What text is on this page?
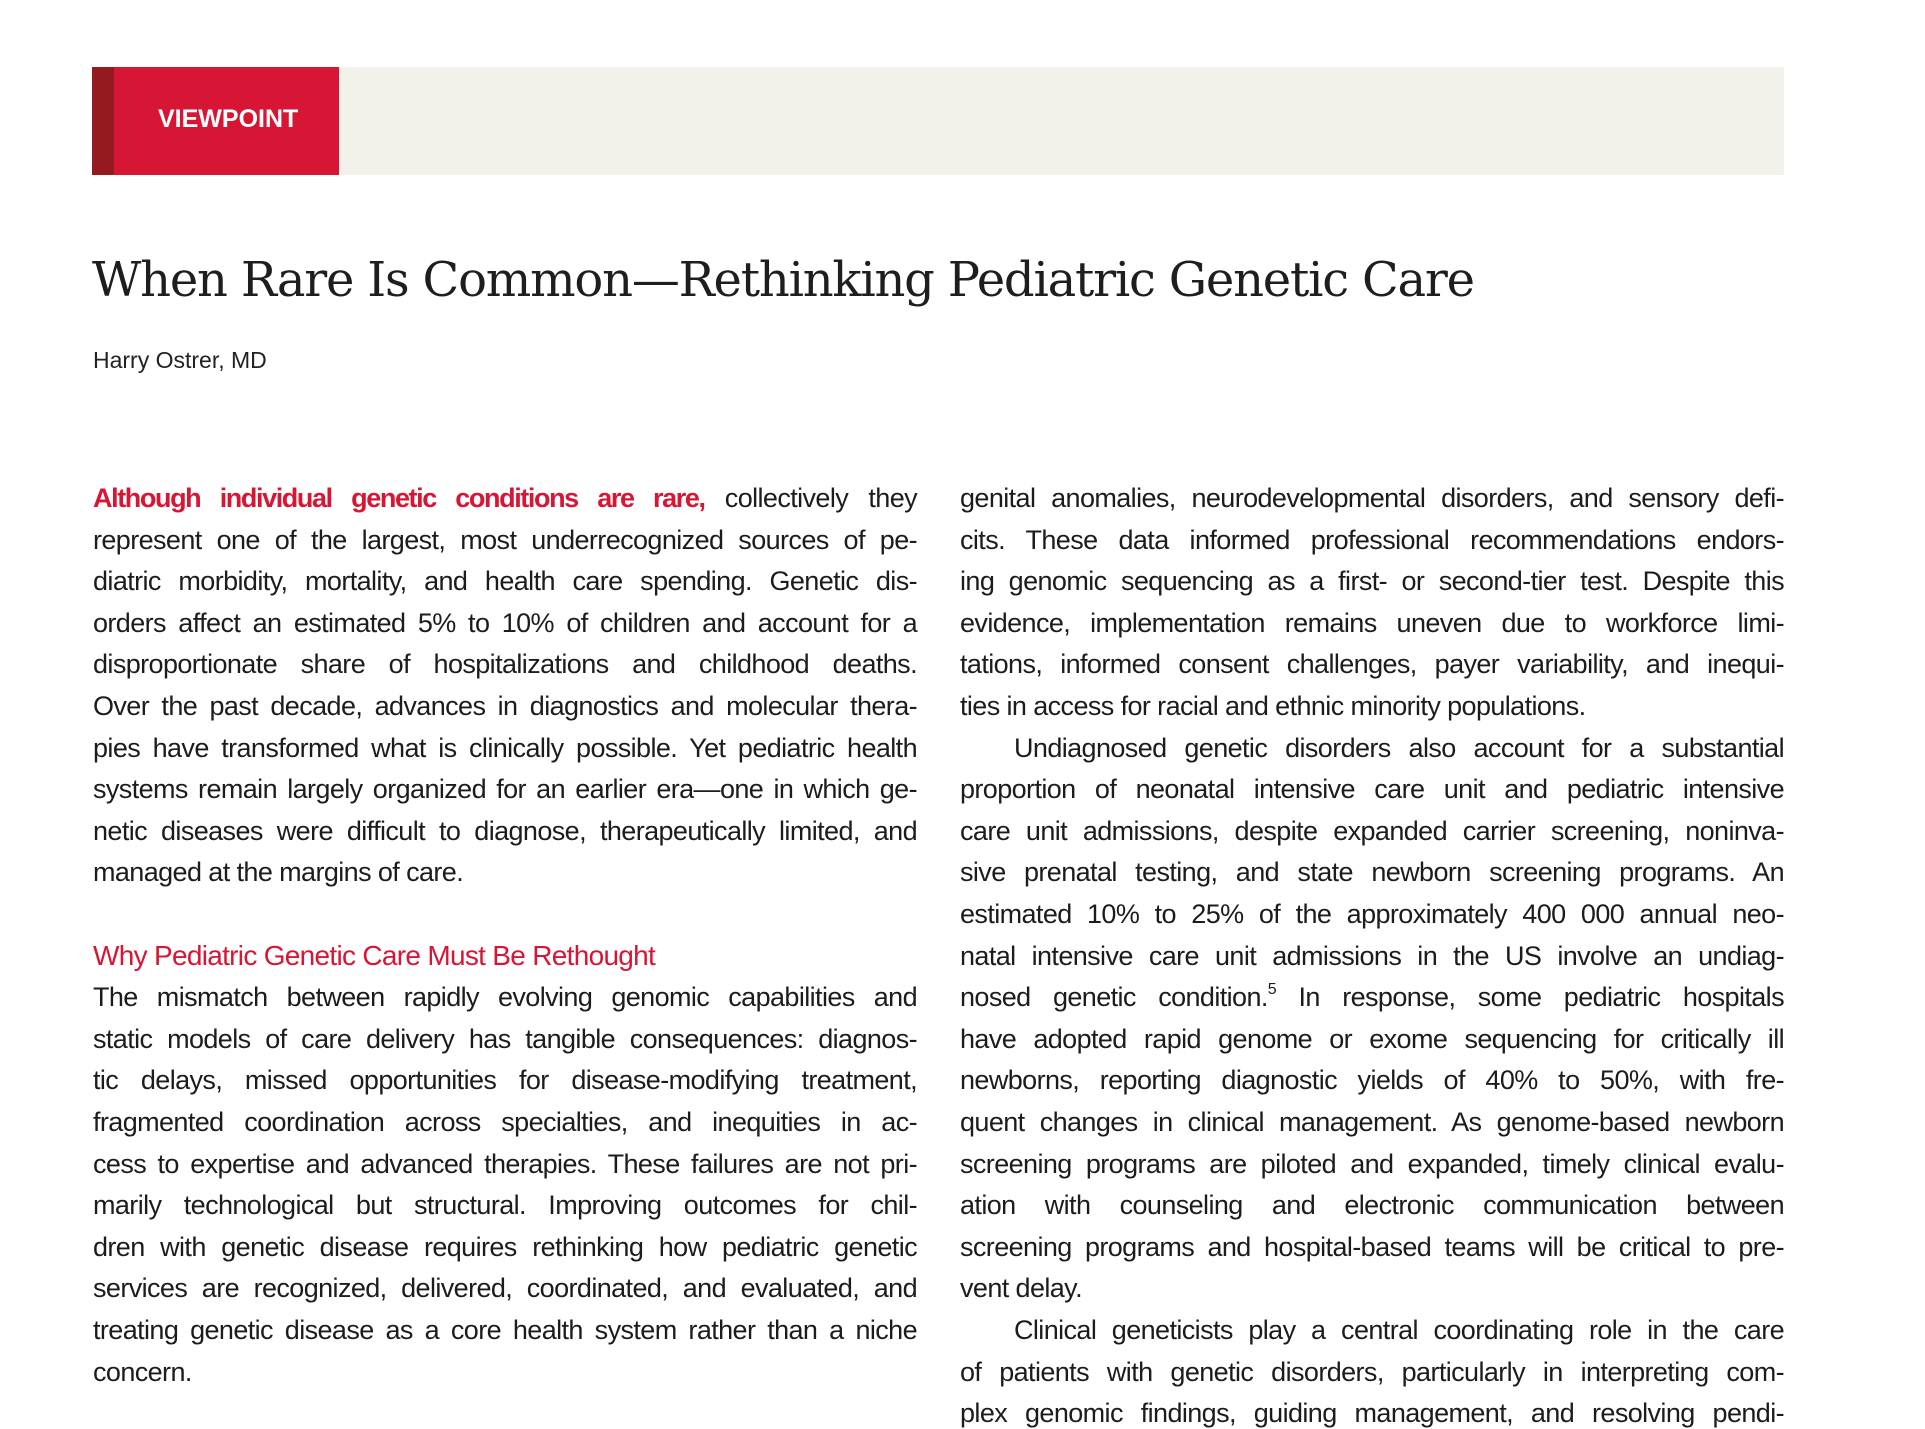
VIEWPOINT
When Rare Is Common—Rethinking Pediatric Genetic Care
Harry Ostrer, MD
Although individual genetic conditions are rare, collectively they
represent one of the largest, most underrecognized sources of pe-
diatric morbidity, mortality, and health care spending. Genetic dis-
orders affect an estimated 5% to 10% of children and account for a
disproportionate share of hospitalizations and childhood deaths.
Over the past decade, advances in diagnostics and molecular thera-
pies have transformed what is clinically possible. Yet pediatric health
systems remain largely organized for an earlier era—one in which ge-
netic diseases were difficult to diagnose, therapeutically limited, and
managed at the margins of care.
Why Pediatric Genetic Care Must Be Rethought
The mismatch between rapidly evolving genomic capabilities and
static models of care delivery has tangible consequences: diagnos-
tic delays, missed opportunities for disease-modifying treatment,
fragmented coordination across specialties, and inequities in ac-
cess to expertise and advanced therapies. These failures are not pri-
marily technological but structural. Improving outcomes for chil-
dren with genetic disease requires rethinking how pediatric genetic
services are recognized, delivered, coordinated, and evaluated, and
treating genetic disease as a core health system rather than a niche
concern.
genital anomalies, neurodevelopmental disorders, and sensory defi-
cits. These data informed professional recommendations endors-
ing genomic sequencing as a first- or second-tier test. Despite this
evidence, implementation remains uneven due to workforce limi-
tations, informed consent challenges, payer variability, and inequi-
ties in access for racial and ethnic minority populations.
Undiagnosed genetic disorders also account for a substantial
proportion of neonatal intensive care unit and pediatric intensive
care unit admissions, despite expanded carrier screening, noninva-
sive prenatal testing, and state newborn screening programs. An
estimated 10% to 25% of the approximately 400 000 annual neo-
natal intensive care unit admissions in the US involve an undiag-
nosed genetic condition.$^5$ In response, some pediatric hospitals
have adopted rapid genome or exome sequencing for critically ill
newborns, reporting diagnostic yields of 40% to 50%, with fre-
quent changes in clinical management. As genome-based newborn
screening programs are piloted and expanded, timely clinical evalu-
ation with counseling and electronic communication between
screening programs and hospital-based teams will be critical to pre-
vent delay.
Clinical geneticists play a central coordinating role in the care
of patients with genetic disorders, particularly in interpreting com-
plex genomic findings, guiding management, and resolving pendi-
